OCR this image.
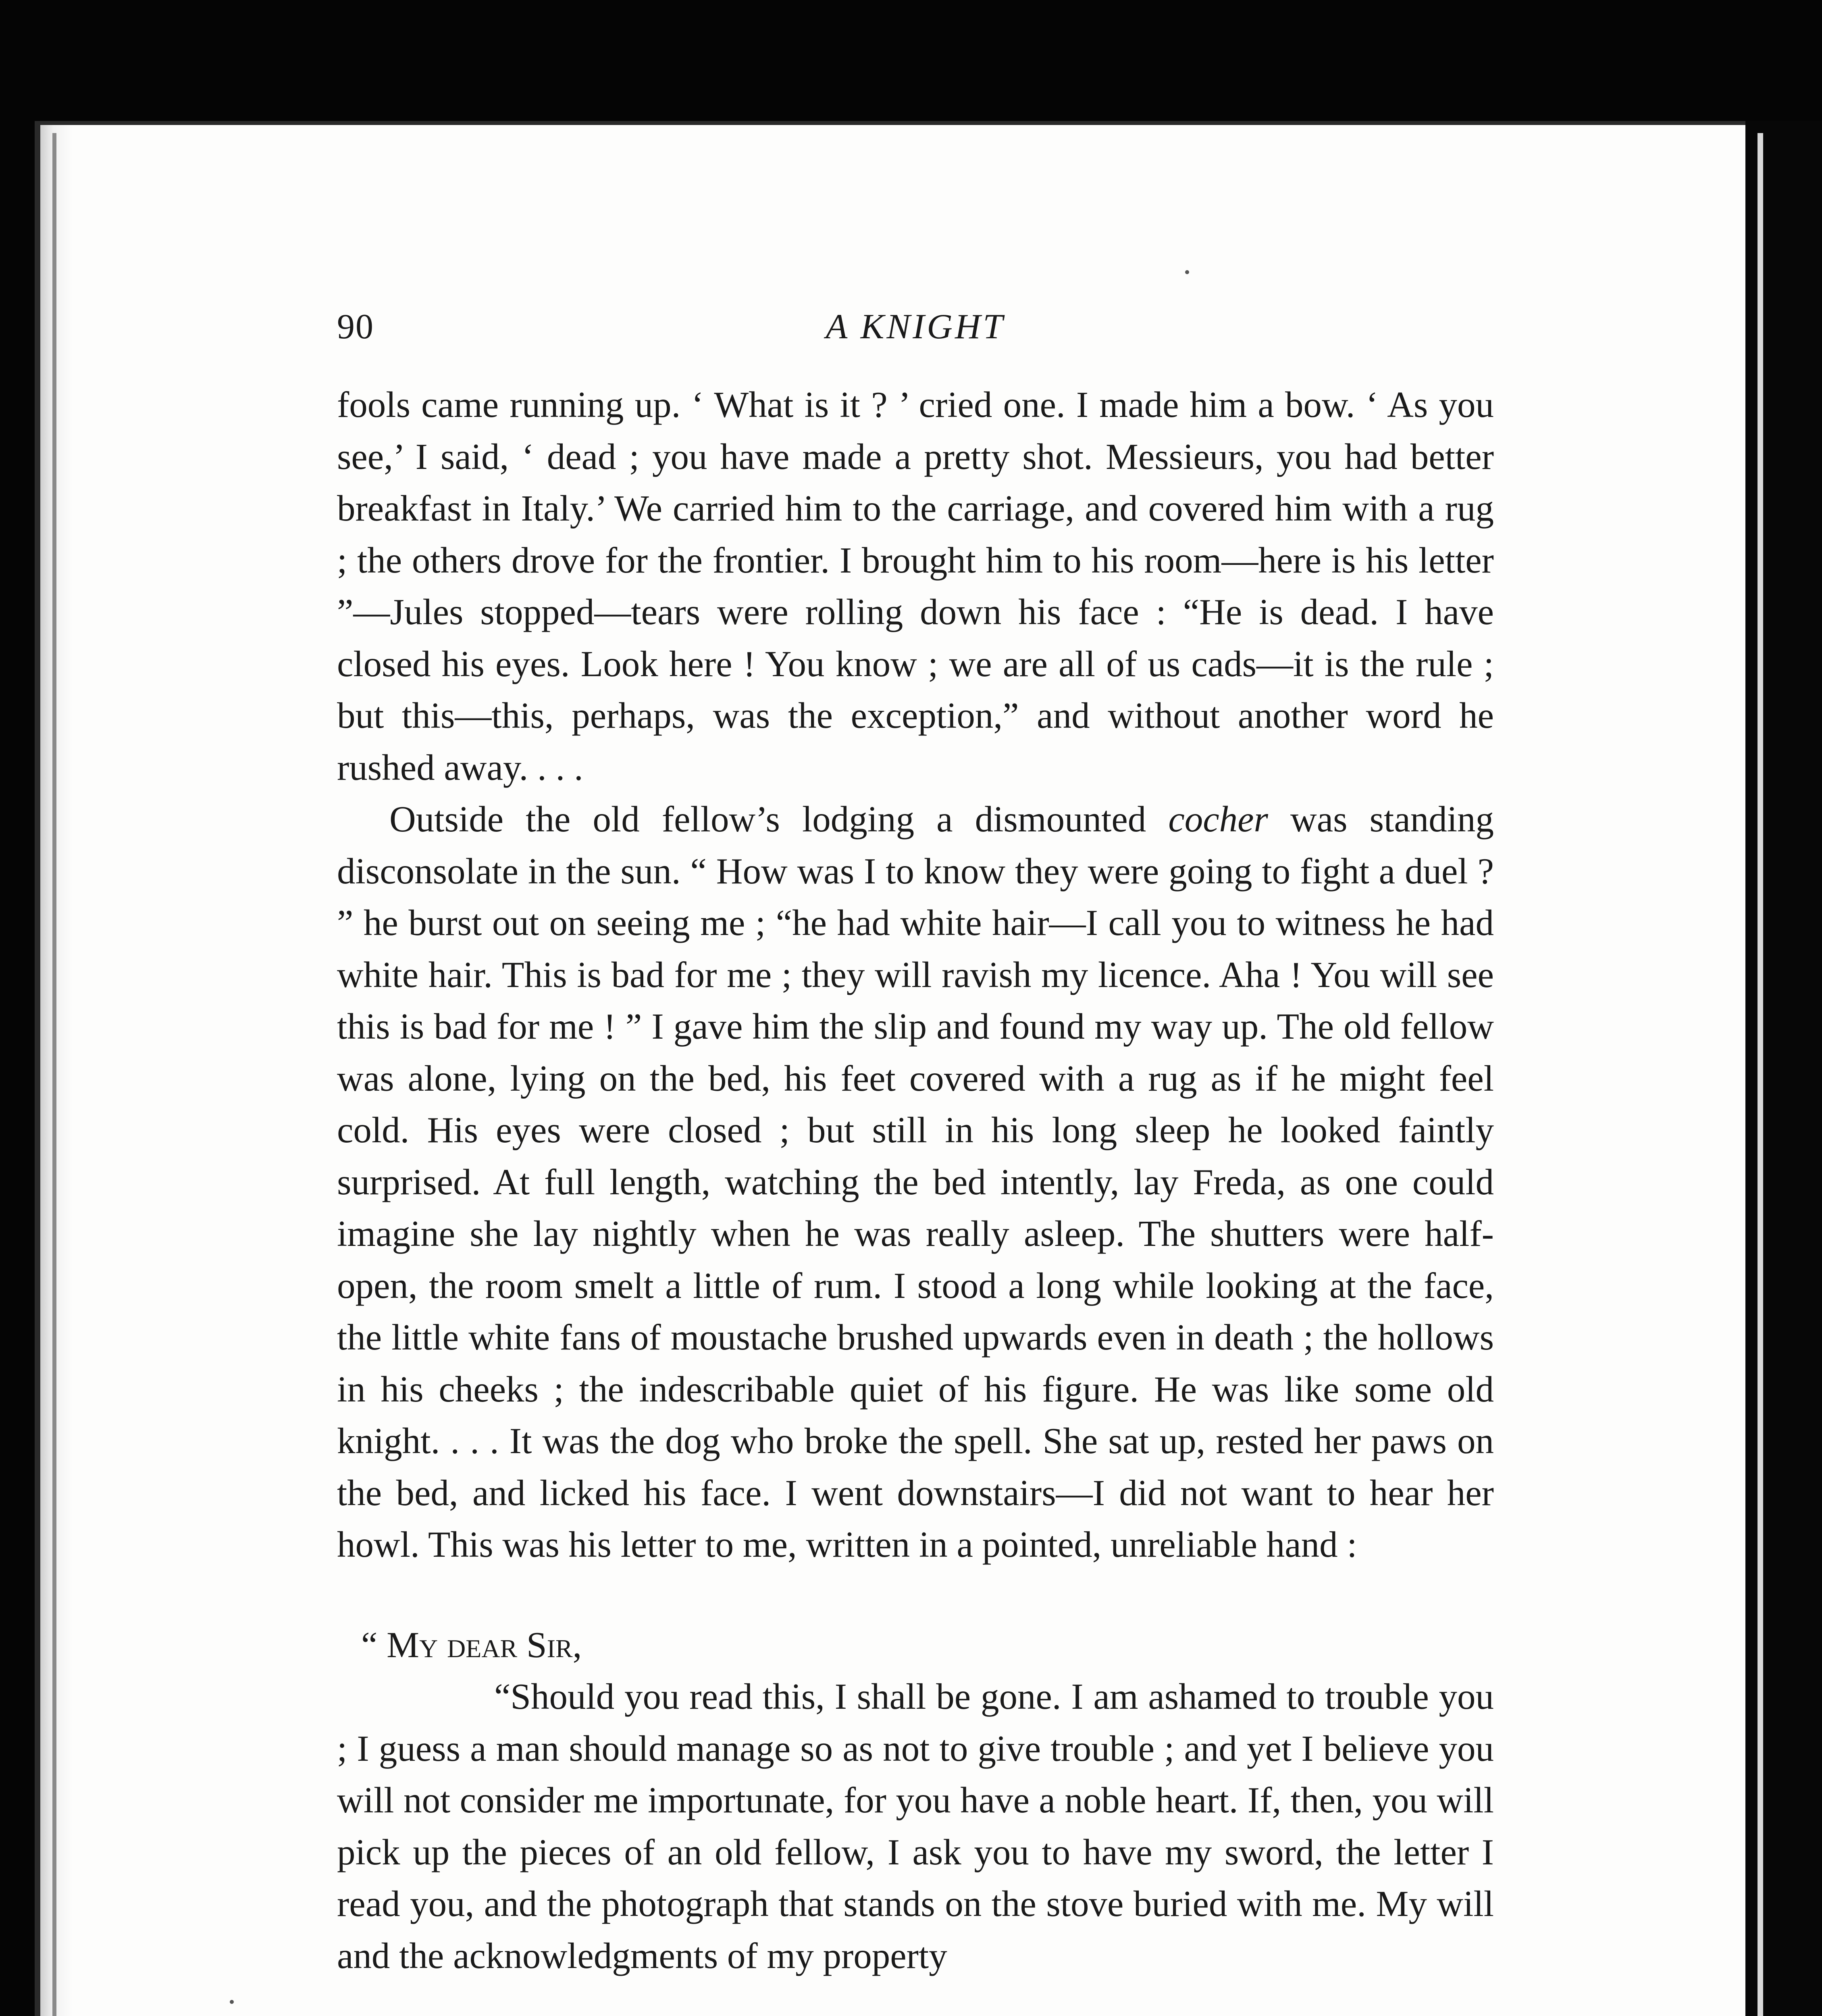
90	A KNIGHT

fools came running up. ‘ What is it ? ’ cried one. I made him a bow. ‘ As you see,’ I said, ‘ dead ; you have made a pretty shot. Messieurs, you had better breakfast in Italy.’ We carried him to the carriage, and covered him with a rug ; the others drove for the frontier. I brought him to his room—here is his letter ”—Jules stopped—tears were rolling down his face : “He is dead. I have closed his eyes. Look here ! You know ; we are all of us cads—it is the rule ; but this—this, perhaps, was the exception,” and without another word he rushed away. . . .

Outside the old fellow’s lodging a dismounted cocher was standing disconsolate in the sun. “ How was I to know they were going to fight a duel ? ” he burst out on seeing me ; “he had white hair—I call you to witness he had white hair. This is bad for me ; they will ravish my licence. Aha ! You will see this is bad for me ! ” I gave him the slip and found my way up. The old fellow was alone, lying on the bed, his feet covered with a rug as if he might feel cold. His eyes were closed ; but still in his long sleep he looked faintly surprised. At full length, watching the bed intently, lay Freda, as one could imagine she lay nightly when he was really asleep. The shutters were half-open, the room smelt a little of rum. I stood a long while looking at the face, the little white fans of moustache brushed upwards even in death ; the hollows in his cheeks ; the indescribable quiet of his figure. He was like some old knight. . . . It was the dog who broke the spell. She sat up, rested her paws on the bed, and licked his face. I went downstairs—I did not want to hear her howl. This was his letter to me, written in a pointed, unreliable hand :

“ My dear Sir,

“Should you read this, I shall be gone. I am ashamed to trouble you ; I guess a man should manage so as not to give trouble ; and yet I believe you will not consider me importunate, for you have a noble heart. If, then, you will pick up the pieces of an old fellow, I ask you to have my sword, the letter I read you, and the photograph that stands on the stove buried with me. My will and the acknowledgments of my property
